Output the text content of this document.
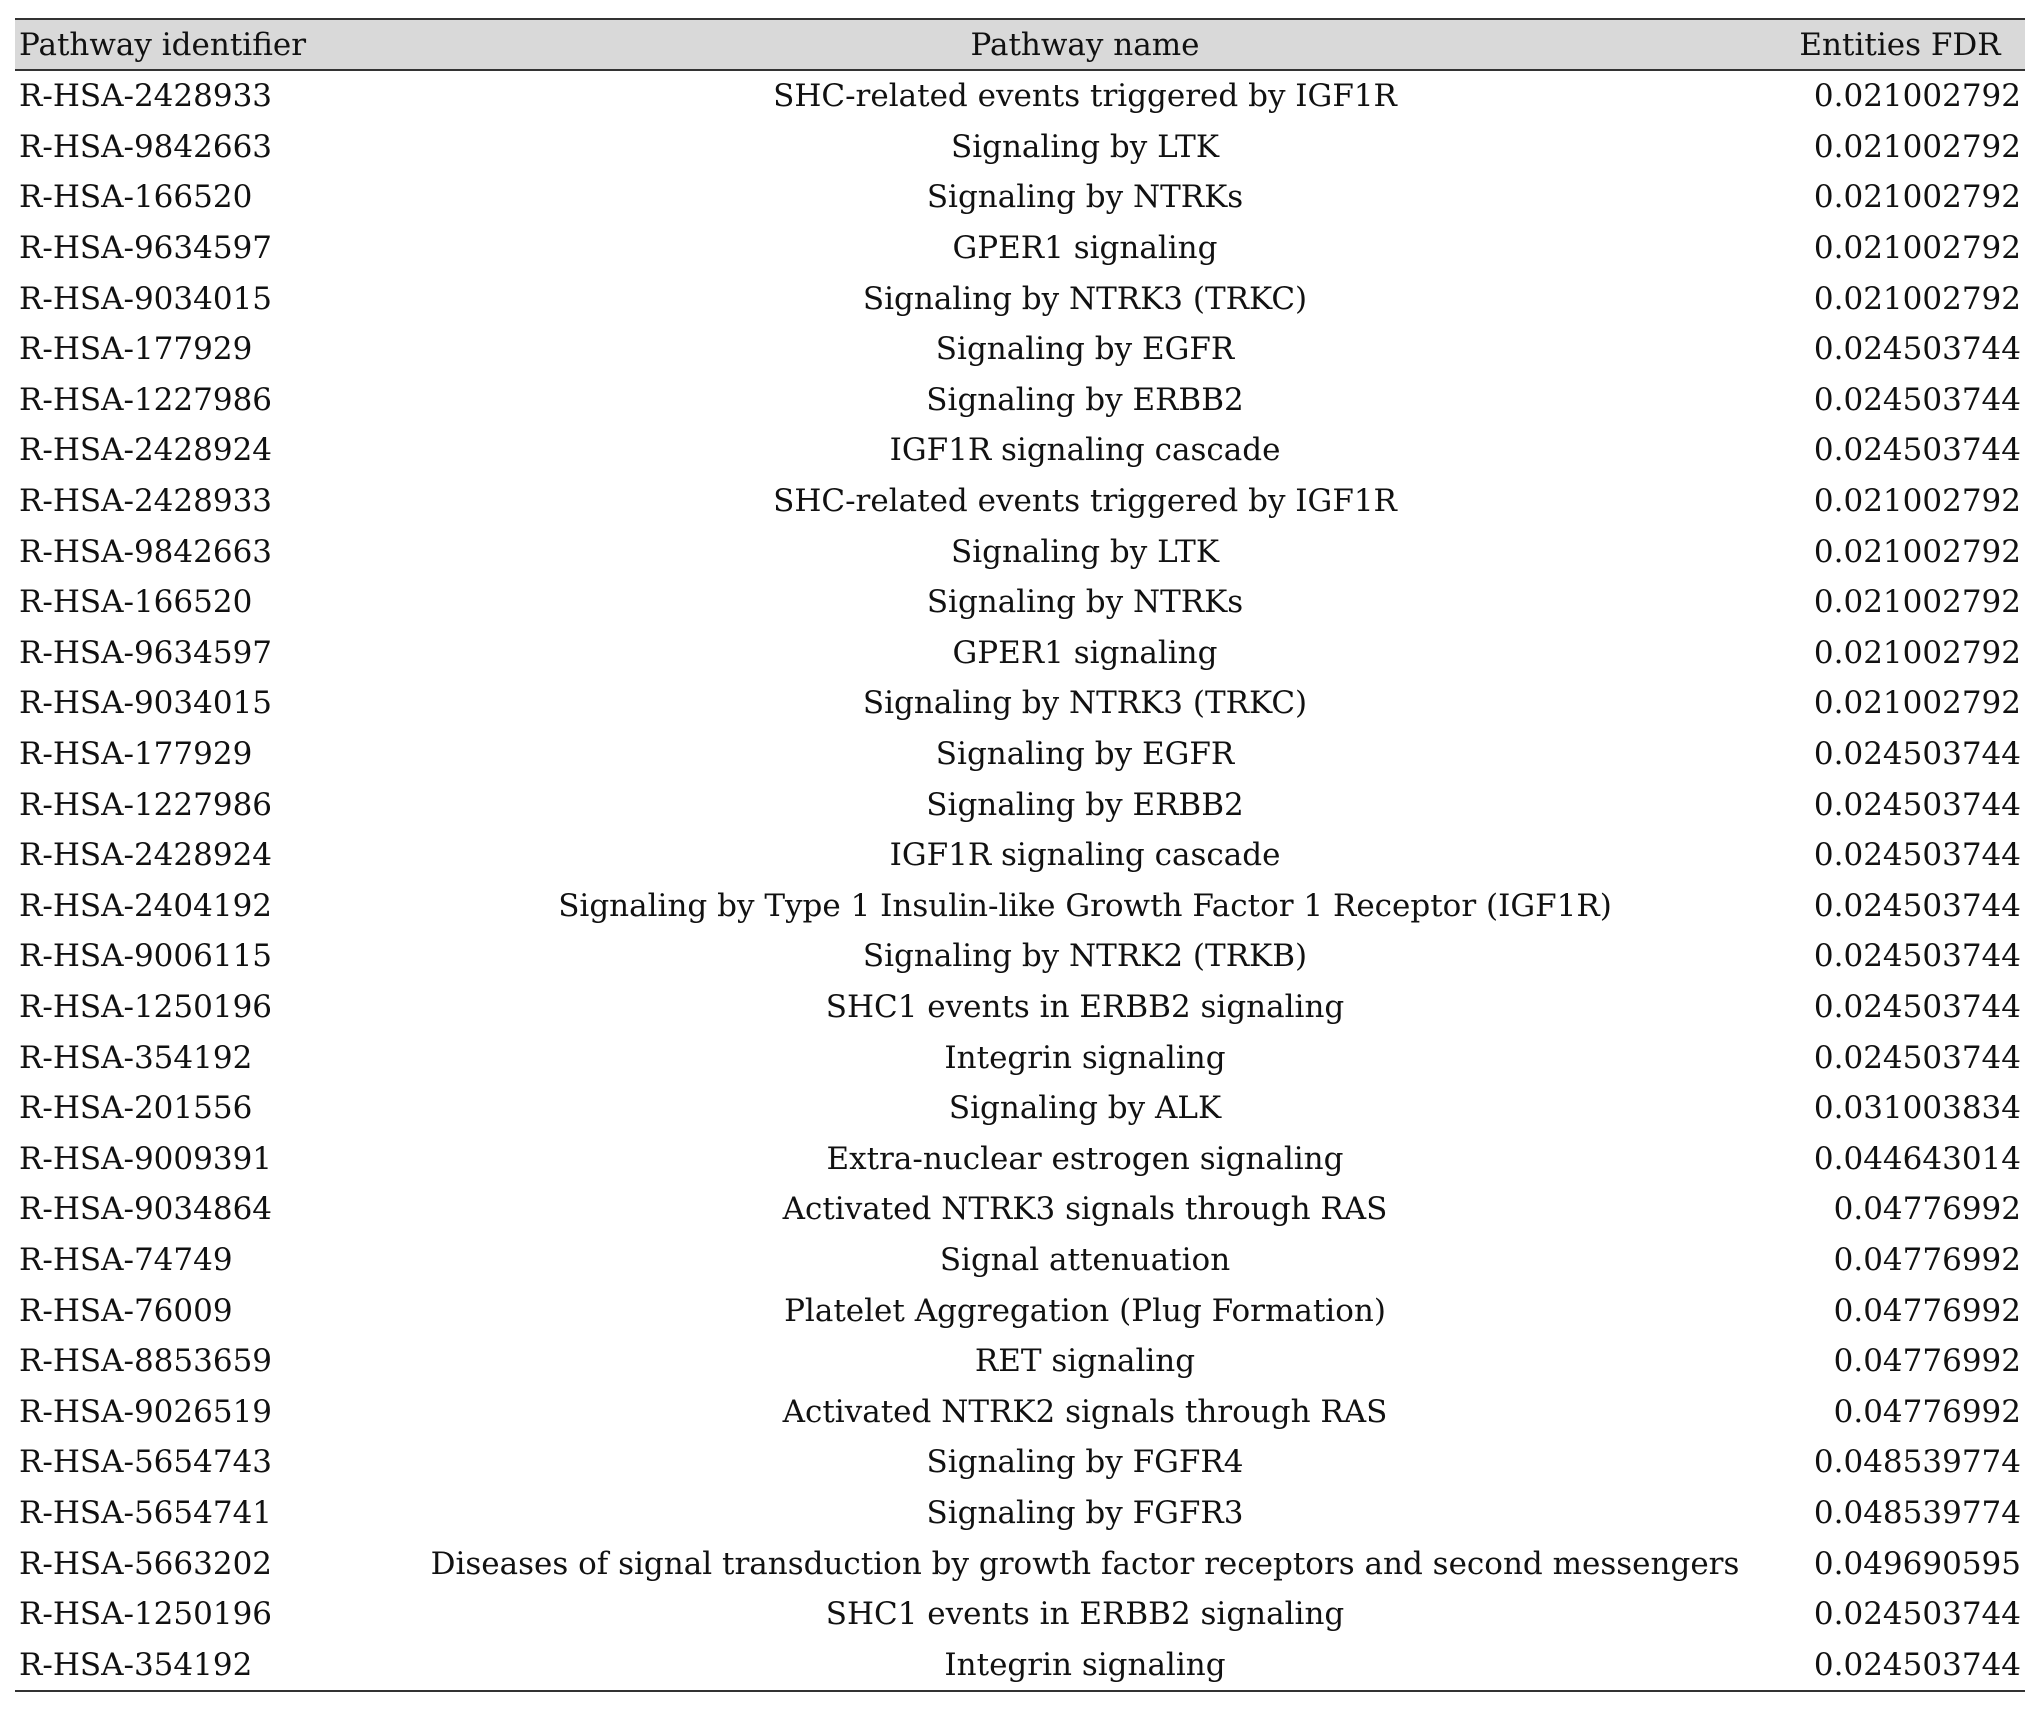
Pathway identifier	Pathway name	Entities FDR
R-HSA-2428933	SHC-related events triggered by IGF1R	0.021002792
R-HSA-9842663	Signaling by LTK	0.021002792
R-HSA-166520	Signaling by NTRKs	0.021002792
R-HSA-9634597	GPER1 signaling	0.021002792
R-HSA-9034015	Signaling by NTRK3 (TRKC)	0.021002792
R-HSA-177929	Signaling by EGFR	0.024503744
R-HSA-1227986	Signaling by ERBB2	0.024503744
R-HSA-2428924	IGF1R signaling cascade	0.024503744
R-HSA-2428933	SHC-related events triggered by IGF1R	0.021002792
R-HSA-9842663	Signaling by LTK	0.021002792
R-HSA-166520	Signaling by NTRKs	0.021002792
R-HSA-9634597	GPER1 signaling	0.021002792
R-HSA-9034015	Signaling by NTRK3 (TRKC)	0.021002792
R-HSA-177929	Signaling by EGFR	0.024503744
R-HSA-1227986	Signaling by ERBB2	0.024503744
R-HSA-2428924	IGF1R signaling cascade	0.024503744
R-HSA-2404192	Signaling by Type 1 Insulin-like Growth Factor 1 Receptor (IGF1R)	0.024503744
R-HSA-9006115	Signaling by NTRK2 (TRKB)	0.024503744
R-HSA-1250196	SHC1 events in ERBB2 signaling	0.024503744
R-HSA-354192	Integrin signaling	0.024503744
R-HSA-201556	Signaling by ALK	0.031003834
R-HSA-9009391	Extra-nuclear estrogen signaling	0.044643014
R-HSA-9034864	Activated NTRK3 signals through RAS	0.04776992
R-HSA-74749	Signal attenuation	0.04776992
R-HSA-76009	Platelet Aggregation (Plug Formation)	0.04776992
R-HSA-8853659	RET signaling	0.04776992
R-HSA-9026519	Activated NTRK2 signals through RAS	0.04776992
R-HSA-5654743	Signaling by FGFR4	0.048539774
R-HSA-5654741	Signaling by FGFR3	0.048539774
R-HSA-5663202	Diseases of signal transduction by growth factor receptors and second messengers	0.049690595
R-HSA-1250196	SHC1 events in ERBB2 signaling	0.024503744
R-HSA-354192	Integrin signaling	0.024503744
